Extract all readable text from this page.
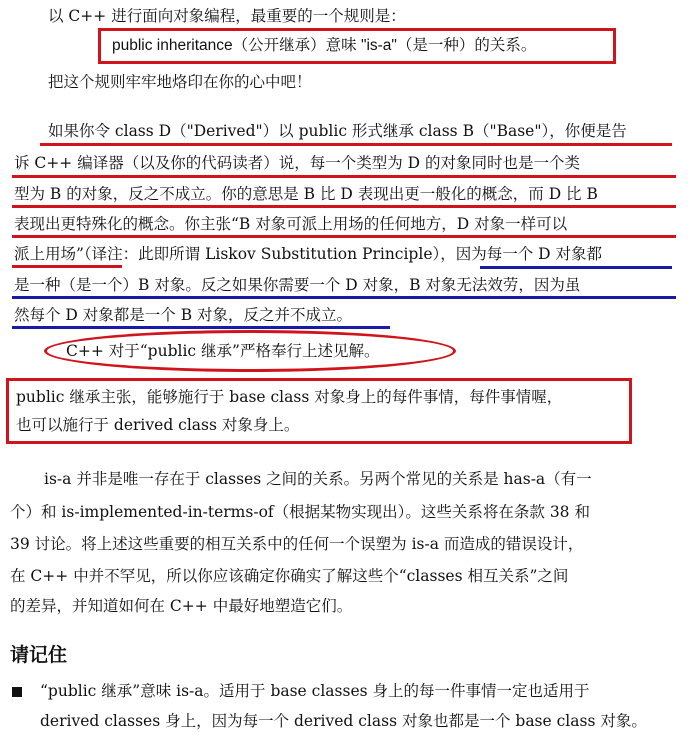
以 C++ 进行面向对象编程，最重要的一个规则是：
public inheritance（公开继承）意味 "is-a"（是一种）的关系。
把这个规则牢牢地烙印在你的心中吧！
如果你令 class D（"Derived"）以 public 形式继承 class B（"Base"），你便是告
诉 C++ 编译器（以及你的代码读者）说，每一个类型为 D 的对象同时也是一个类
型为 B 的对象，反之不成立。你的意思是 B 比 D 表现出更一般化的概念，而 D 比 B
表现出更特殊化的概念。你主张“B 对象可派上用场的任何地方，D 对象一样可以
派上用场”（译注：此即所谓 Liskov Substitution Principle），因为每一个 D 对象都
是一种（是一个）B 对象。反之如果你需要一个 D 对象，B 对象无法效劳，因为虽
然每个 D 对象都是一个 B 对象，反之并不成立。
C++ 对于“public 继承”严格奉行上述见解。
public 继承主张，能够施行于 base class 对象身上的每件事情，每件事情喔，
也可以施行于 derived class 对象身上。
is-a 并非是唯一存在于 classes 之间的关系。另两个常见的关系是 has-a（有一
个）和 is-implemented-in-terms-of（根据某物实现出）。这些关系将在条款 38 和
39 讨论。将上述这些重要的相互关系中的任何一个误塑为 is-a 而造成的错误设计，
在 C++ 中并不罕见，所以你应该确定你确实了解这些个“classes 相互关系”之间
的差异，并知道如何在 C++ 中最好地塑造它们。
请记住
“public 继承”意味 is-a。适用于 base classes 身上的每一件事情一定也适用于
derived classes 身上，因为每一个 derived class 对象也都是一个 base class 对象。
